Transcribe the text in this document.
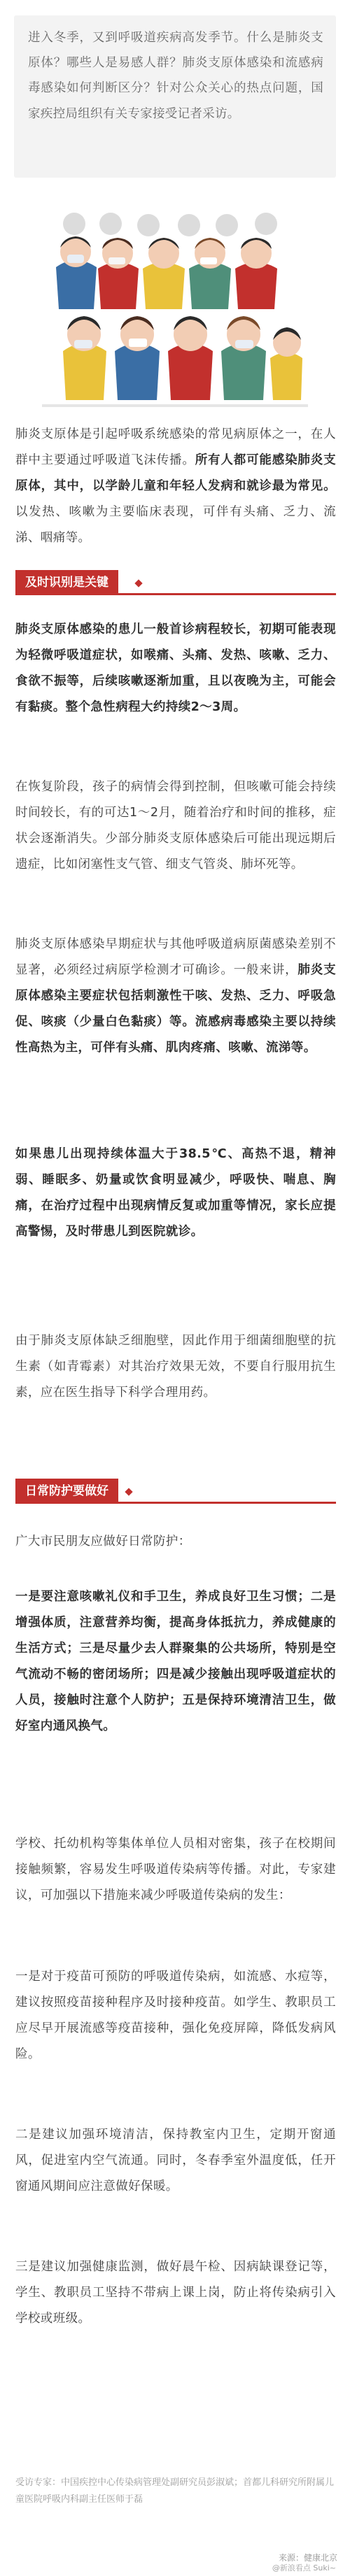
进入冬季，又到呼吸道疾病高发季节。什么是肺炎支原体？哪些人是易感人群？肺炎支原体感染和流感病毒感染如何判断区分？针对公众关心的热点问题，国家疾控局组织有关专家接受记者采访。

肺炎支原体是引起呼吸系统感染的常见病原体之一，在人群中主要通过呼吸道飞沫传播。所有人都可能感染肺炎支原体，其中，以学龄儿童和年轻人发病和就诊最为常见。以发热、咳嗽为主要临床表现，可伴有头痛、乏力、流涕、咽痛等。

及时识别是关键

肺炎支原体感染的患儿一般首诊病程较长，初期可能表现为轻微呼吸道症状，如喉痛、头痛、发热、咳嗽、乏力、食欲不振等，后续咳嗽逐渐加重，且以夜晚为主，可能会有黏痰。整个急性病程大约持续2～3周。

在恢复阶段，孩子的病情会得到控制，但咳嗽可能会持续时间较长，有的可达1～2月，随着治疗和时间的推移，症状会逐渐消失。少部分肺炎支原体感染后可能出现远期后遗症，比如闭塞性支气管、细支气管炎、肺坏死等。

肺炎支原体感染早期症状与其他呼吸道病原菌感染差别不显著，必须经过病原学检测才可确诊。一般来讲，肺炎支原体感染主要症状包括刺激性干咳、发热、乏力、呼吸急促、咳痰（少量白色黏痰）等。流感病毒感染主要以持续性高热为主，可伴有头痛、肌肉疼痛、咳嗽、流涕等。

如果患儿出现持续体温大于38.5℃、高热不退，精神弱、睡眠多、奶量或饮食明显减少，呼吸快、喘息、胸痛，在治疗过程中出现病情反复或加重等情况，家长应提高警惕，及时带患儿到医院就诊。

由于肺炎支原体缺乏细胞壁，因此作用于细菌细胞壁的抗生素（如青霉素）对其治疗效果无效，不要自行服用抗生素，应在医生指导下科学合理用药。

日常防护要做好

广大市民朋友应做好日常防护：

一是要注意咳嗽礼仪和手卫生，养成良好卫生习惯；二是增强体质，注意营养均衡，提高身体抵抗力，养成健康的生活方式；三是尽量少去人群聚集的公共场所，特别是空气流动不畅的密闭场所；四是减少接触出现呼吸道症状的人员，接触时注意个人防护；五是保持环境清洁卫生，做好室内通风换气。

学校、托幼机构等集体单位人员相对密集，孩子在校期间接触频繁，容易发生呼吸道传染病等传播。对此，专家建议，可加强以下措施来减少呼吸道传染病的发生：

一是对于疫苗可预防的呼吸道传染病，如流感、水痘等，建议按照疫苗接种程序及时接种疫苗。如学生、教职员工应尽早开展流感等疫苗接种，强化免疫屏障，降低发病风险。

二是建议加强环境清洁，保持教室内卫生，定期开窗通风，促进室内空气流通。同时，冬春季室外温度低，任开窗通风期间应注意做好保暖。

三是建议加强健康监测，做好晨午检、因病缺课登记等，学生、教职员工坚持不带病上课上岗，防止将传染病引入学校或班级。

受访专家：中国疾控中心传染病管理处副研究员彭淑斌；首都儿科研究所附属儿童医院呼吸内科副主任医师于磊

来源：健康北京
@新浪看点 Suki~
